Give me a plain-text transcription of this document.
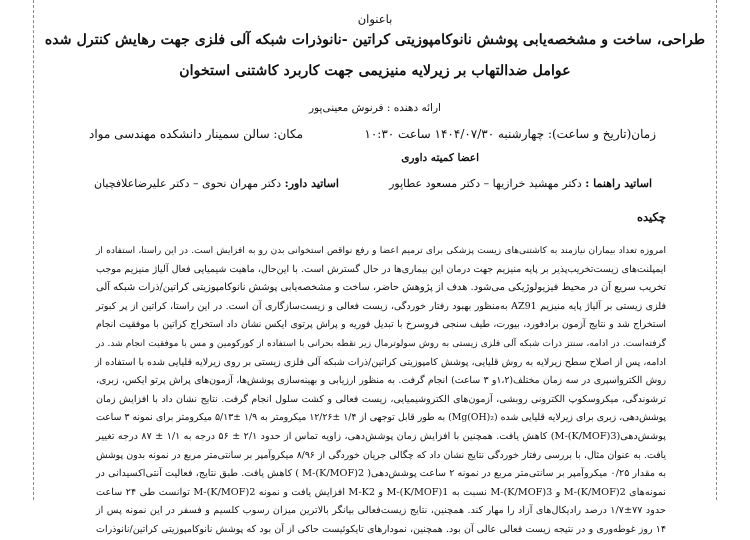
باعنوان
طراحی، ساخت و مشخصه‌یابی پوشش نانوکامپوزیتی کراتین -نانوذرات شبکه آلی فلزی جهت رهایش کنترل شده
عوامل ضدالتهاب بر زیرلایه منیزیمی جهت کاربرد کاشتنی استخوان
ارائه دهنده : فرنوش معینی‌پور
زمان(تاریخ و ساعت): چهارشنبه ۱۴۰۴/۰۷/۳۰ ساعت ۱۰:۳۰
مکان: سالن سمینار دانشکده مهندسی مواد
اعضا کمیته داوری
اساتید راهنما : دکتر مهشید خرازیها – دکتر مسعود عطاپور
اساتید داور: دکتر مهران نحوی – دکتر علیرضاعلافچیان
چکیده
امروزه تعداد بیماران نیازمند به کاشتنی‌های زیست پزشکی برای ترمیم اعضا و رفع نواقص استخوانی بدن رو به افزایش است. در این راستا، استفاده از
ایمپلنت‌های زیست‌تخریب‌پذیر بر پایه منیزیم جهت درمان این بیماری‌ها در حال گسترش است. با این‌حال، ماهیت شیمیایی فعال آلیاژ منیزیم موجب
تخریب سریع آن در محیط فیزیولوژیکی می‌شود. هدف از پژوهش حاضر، ساخت و مشخصه‌یابی پوشش نانوکامپوزیتی کراتین/ذرات شبکه آلی
فلزی زیستی بر آلیاژ پایه منیزیم AZ91 به‌منظور بهبود رفتار خوردگی، زیست فعالی و زیست‌سازگاری آن است. در این راستا، کراتین از پر کبوتر
استخراج شد و نتایج آزمون برادفورد، بیورت، طیف سنجی فروسرخ با تبدیل فوریه و پراش پرتوی ایکس نشان داد استخراج کراتین با موفقیت انجام
گرفته‌است. در ادامه، سنتز ذرات شبکه آلی فلزی زیستی به روش سولوترمال زیر نقطه بحرانی با استفاده از کورکومین و مس با موفقیت انجام شد. در
ادامه، پس از اصلاح سطح زیرلایه به روش قلیایی، پوشش کامپوزیتی کراتین/ذرات شبکه آلی فلزی زیستی بر روی زیرلایه قلیایی شده با استفاده از
روش الکترواسپری در سه زمان مختلف(۱،۲و ۳ ساعت) انجام گرفت. به منظور ارزیابی و بهینه‌سازی پوشش‌ها، آزمون‌های پراش پرتو ایکس، زبری،
ترشوندگی، میکروسکوپ الکترونی روبشی، آزمون‌های الکتروشیمیایی، زیست فعالی و کشت سلول انجام گرفت. نتایج نشان داد با افزایش زمان
پوشش‌دهی، زبری برای زیرلایه قلیایی شده (Mg(OH)₂) به طور قابل توجهی از ۱/۴ ±۱۲/۲۶ میکرومتر به ۱/۹ ±۵/۱۳ میکرومتر برای نمونه ۳ ساعت
پوشش‌دهی(M-(K/MOF)3) کاهش یافت. همچنین با افزایش زمان پوشش‌دهی، زاویه تماس از حدود ۲/۱ ± ۵۶ درجه به ۱/۱ ± ۸۷ درجه تغییر
یافت. به عنوان مثال، با بررسی رفتار خوردگی نتایج نشان داد که چگالی جریان خوردگی از ۸/۹۶ میکروآمپر بر سانتی‌متر مربع در نمونه بدون پوشش
به مقدار ۰/۲۵ میکروآمپر بر سانتی‌متر مربع در نمونه ۲ ساعت پوشش‌دهی( M-(K/MOF)2 ) کاهش یافت. طبق نتایج، فعالیت آنتی‌اکسیدانی در
نمونه‌های M-(K/MOF)2 و M-(K/MOF)3 نسبت به M-(K/MOF)1 و M-K2 افزایش یافت و نمونه M-(K/MOF)2 توانست طی ۲۴ ساعت
حدود ۷۷±۱/۷ درصد رادیکال‌های آزاد را مهار کند. همچنین، نتایج زیست‌فعالی بیانگر بالاترین میزان رسوب کلسیم و فسفر در این نمونه پس از
۱۴ روز غوطه‌وری و در نتیجه زیست فعالی عالی آن بود. همچنین، نمودارهای تایکوئیست حاکی از آن بود که پوشش نانوکامپوزیتی کراتین/نانوذرات
